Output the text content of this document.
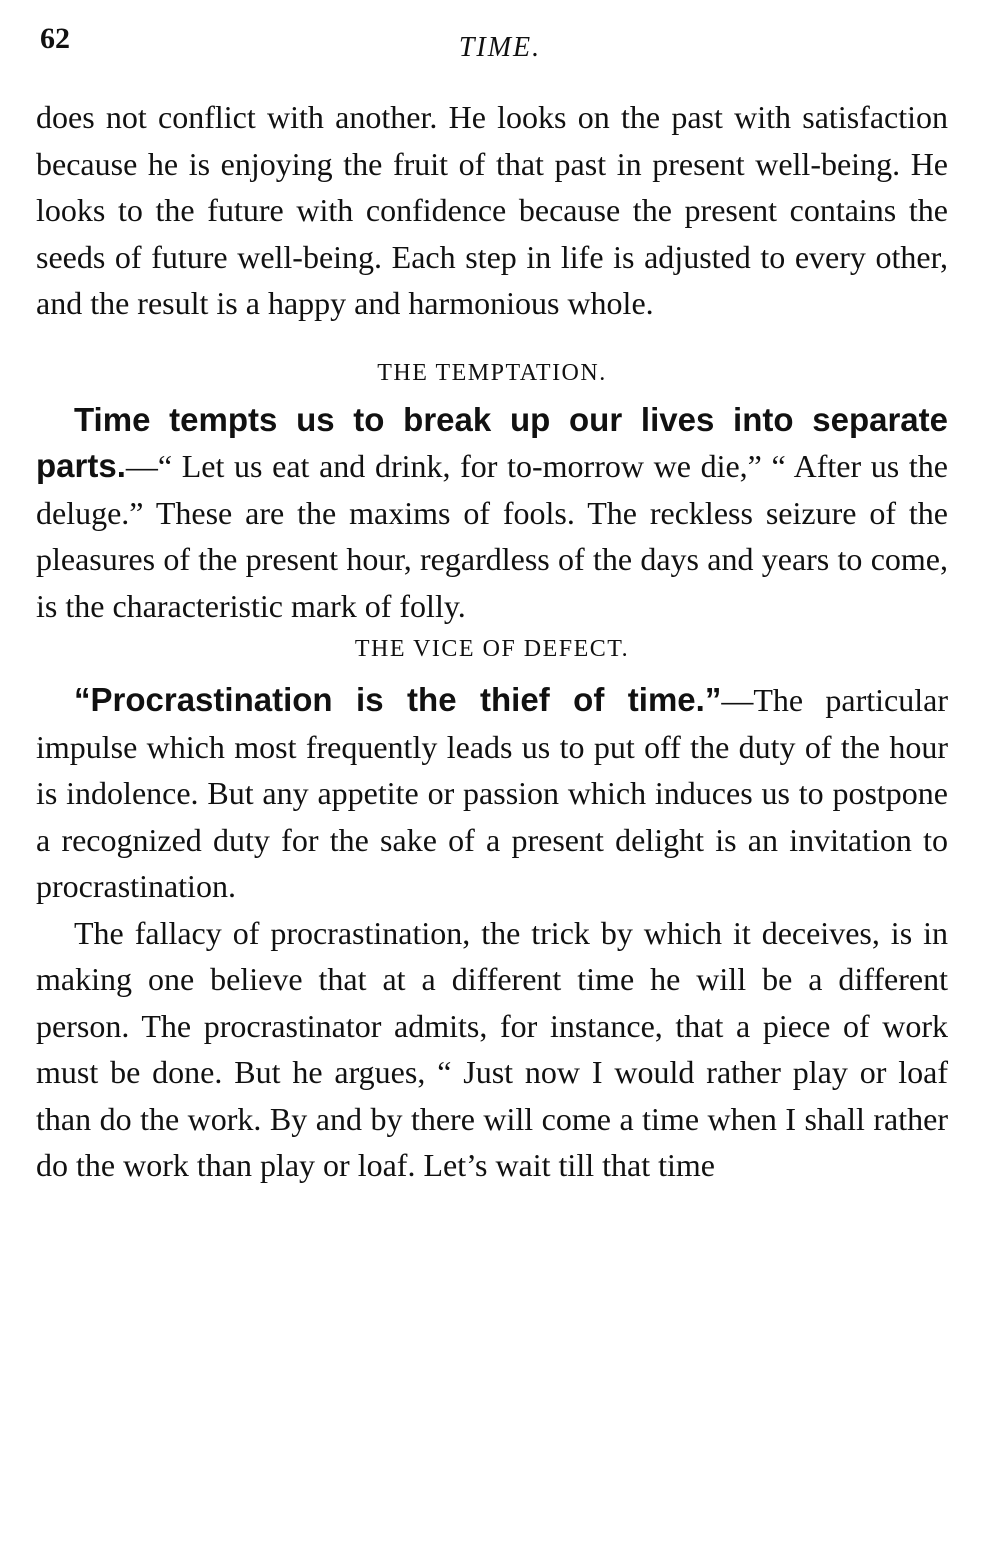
62	TIME.

does not conflict with another. He looks on the past with satisfaction because he is enjoying the fruit of that past in present well-being. He looks to the future with confidence because the present contains the seeds of future well-being. Each step in life is adjusted to every other, and the result is a happy and harmonious whole.

THE TEMPTATION.

Time tempts us to break up our lives into separate parts.—“ Let us eat and drink, for to-morrow we die,” “ After us the deluge.” These are the maxims of fools. The reckless seizure of the pleasures of the present hour, regardless of the days and years to come, is the characteristic mark of folly.

THE VICE OF DEFECT.

“Procrastination is the thief of time.”—The particular impulse which most frequently leads us to put off the duty of the hour is indolence. But any appetite or passion which induces us to postpone a recognized duty for the sake of a present delight is an invitation to procrastination.

The fallacy of procrastination, the trick by which it deceives, is in making one believe that at a different time he will be a different person. The procrastinator admits, for instance, that a piece of work must be done. But he argues, “ Just now I would rather play or loaf than do the work. By and by there will come a time when I shall rather do the work than play or loaf. Let’s wait till that time
